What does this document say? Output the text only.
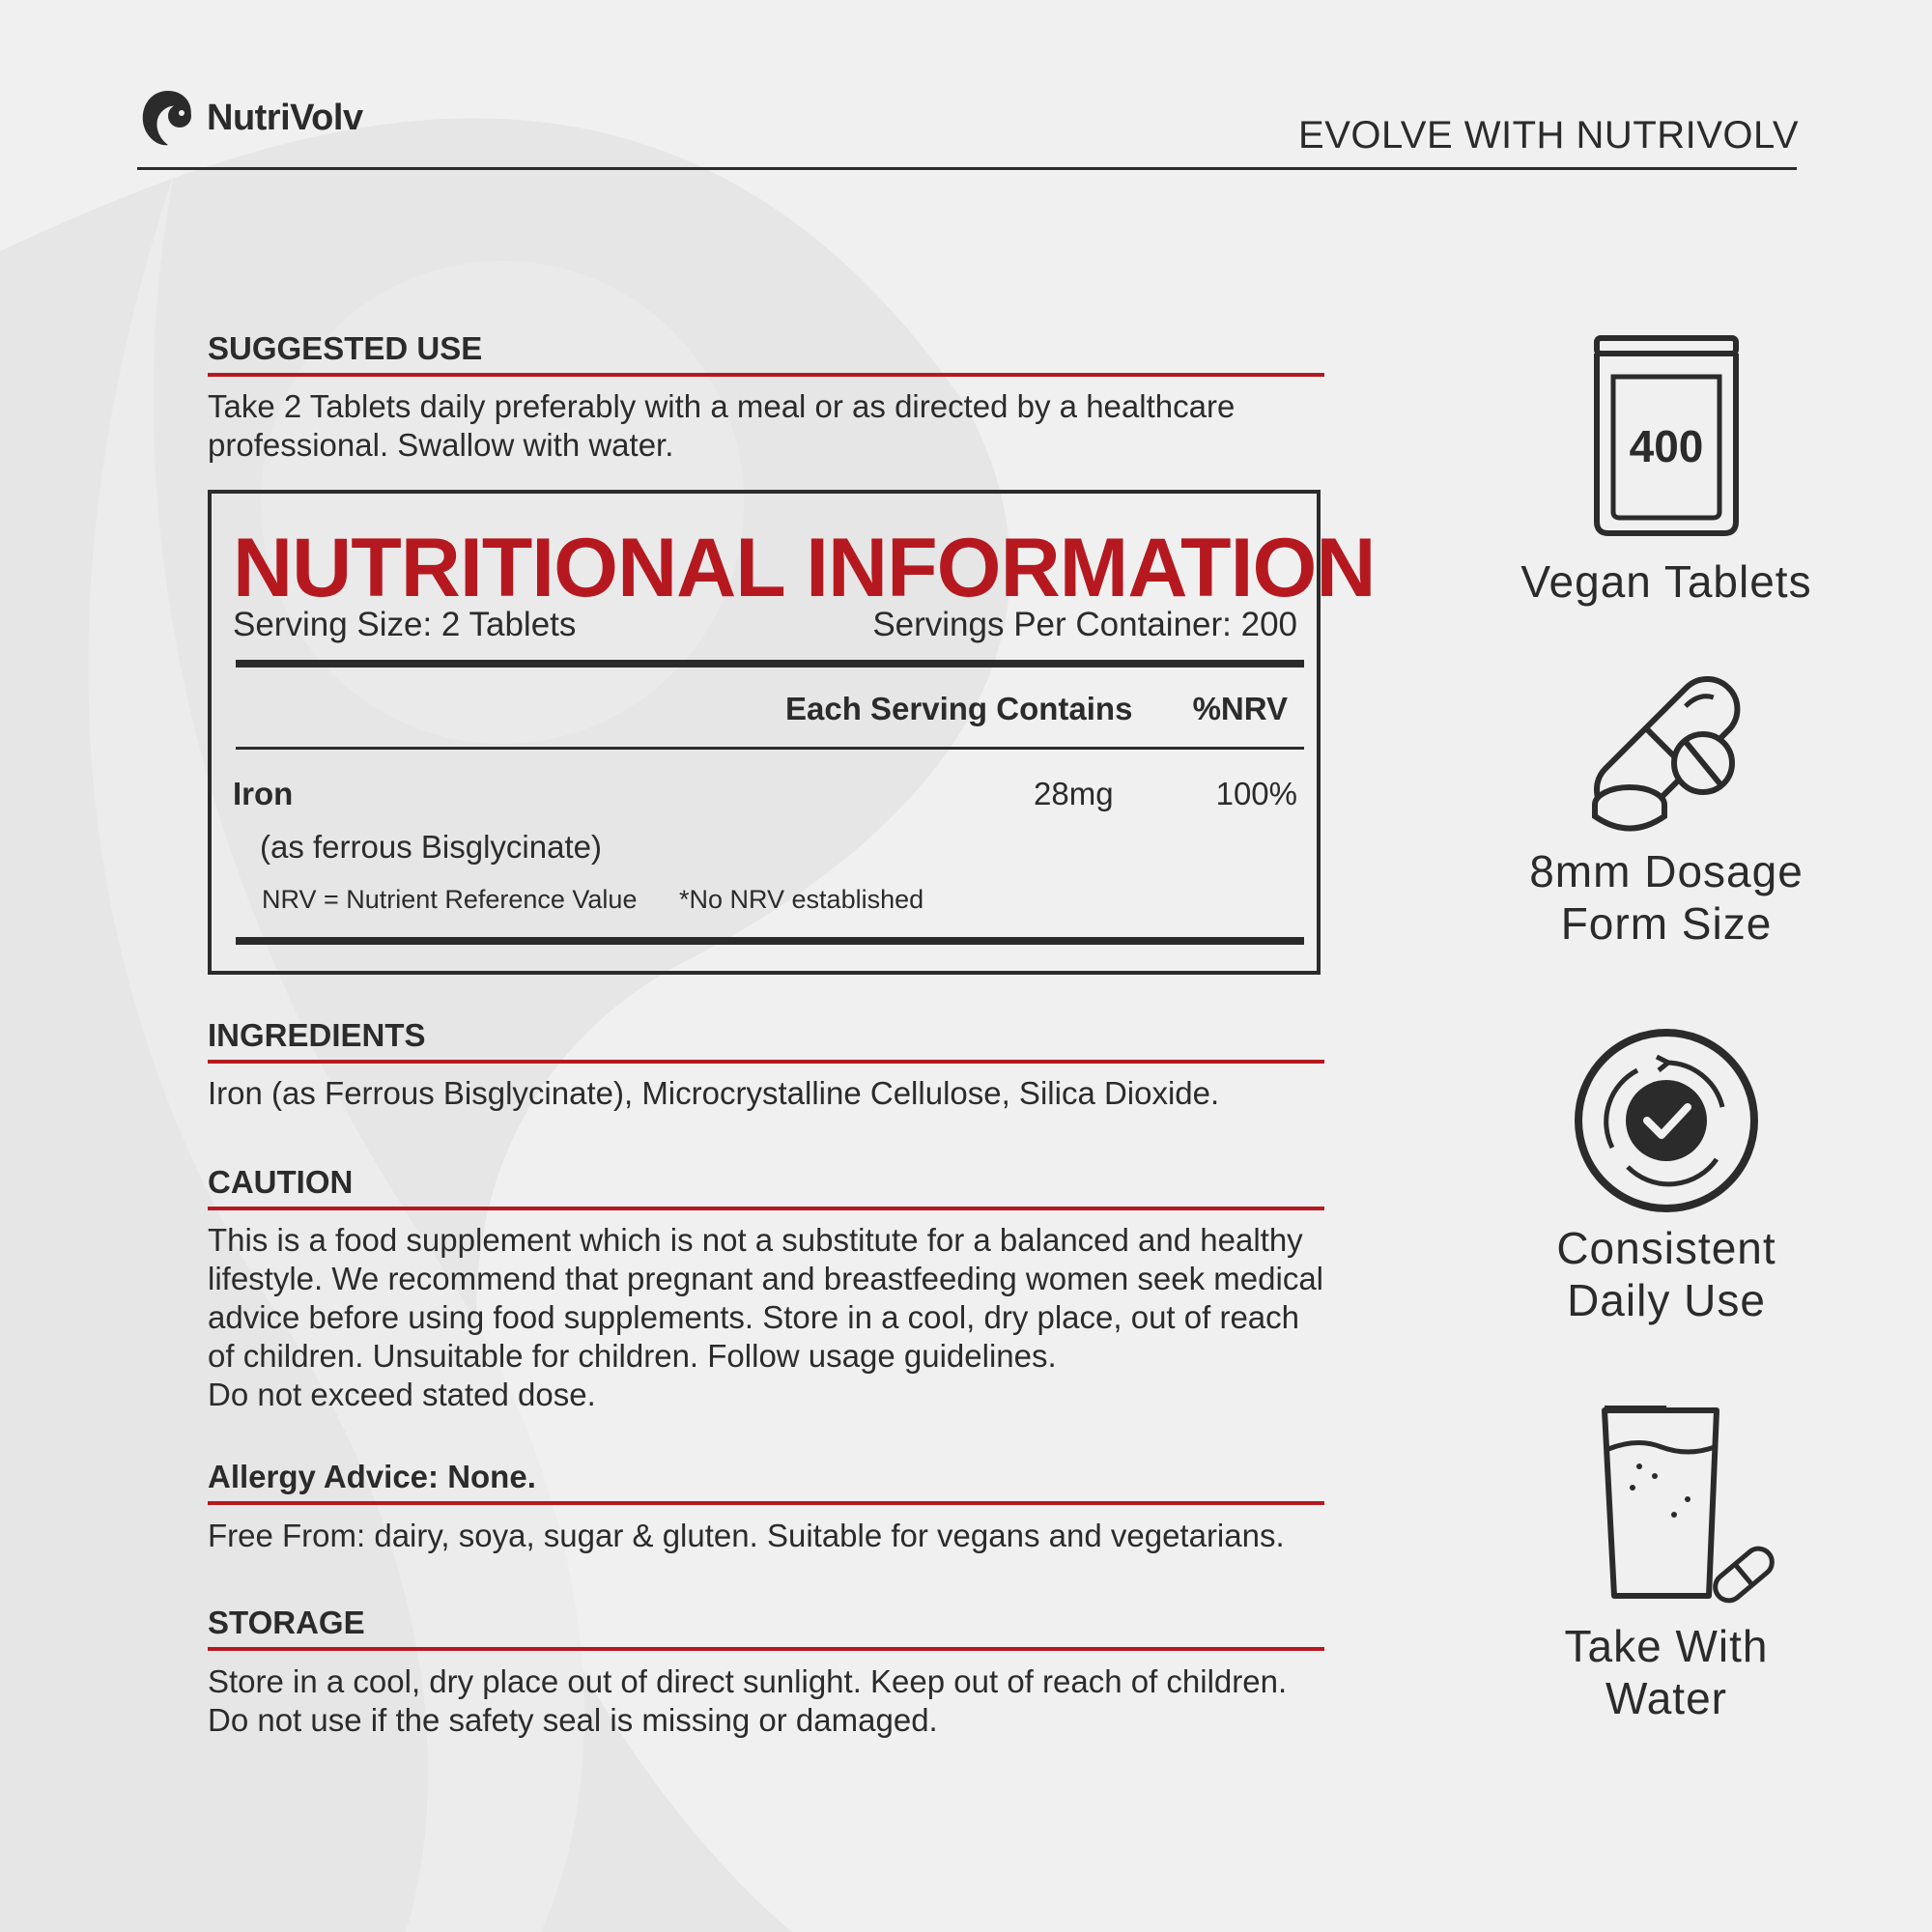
NutriVolv	EVOLVE WITH NUTRIVOLV
SUGGESTED USE
Take 2 Tablets daily preferably with a meal or as directed by a healthcare
professional. Swallow with water.
NUTRITIONAL INFORMATION
Serving Size: 2 Tablets	Servings Per Container: 200
Each Serving Contains %NRV
Iron	28mg	100%
(as ferrous Bisglycinate)
NRV = Nutrient Reference Value *No NRV established
INGREDIENTS
Iron (as Ferrous Bisglycinate), Microcrystalline Cellulose, Silica Dioxide.
CAUTION
This is a food supplement which is not a substitute for a balanced and healthy
lifestyle. We recommend that pregnant and breastfeeding women seek medical
advice before using food supplements. Store in a cool, dry place, out of reach
of children. Unsuitable for children. Follow usage guidelines.
Do not exceed stated dose.
Allergy Advice: None.
Free From: dairy, soya, sugar & gluten. Suitable for vegans and vegetarians.
STORAGE
Store in a cool, dry place out of direct sunlight. Keep out of reach of children.
Do not use if the safety seal is missing or damaged.
400
Vegan Tablets
8mm Dosage
Form Size
Consistent
Daily Use
Take With
Water
